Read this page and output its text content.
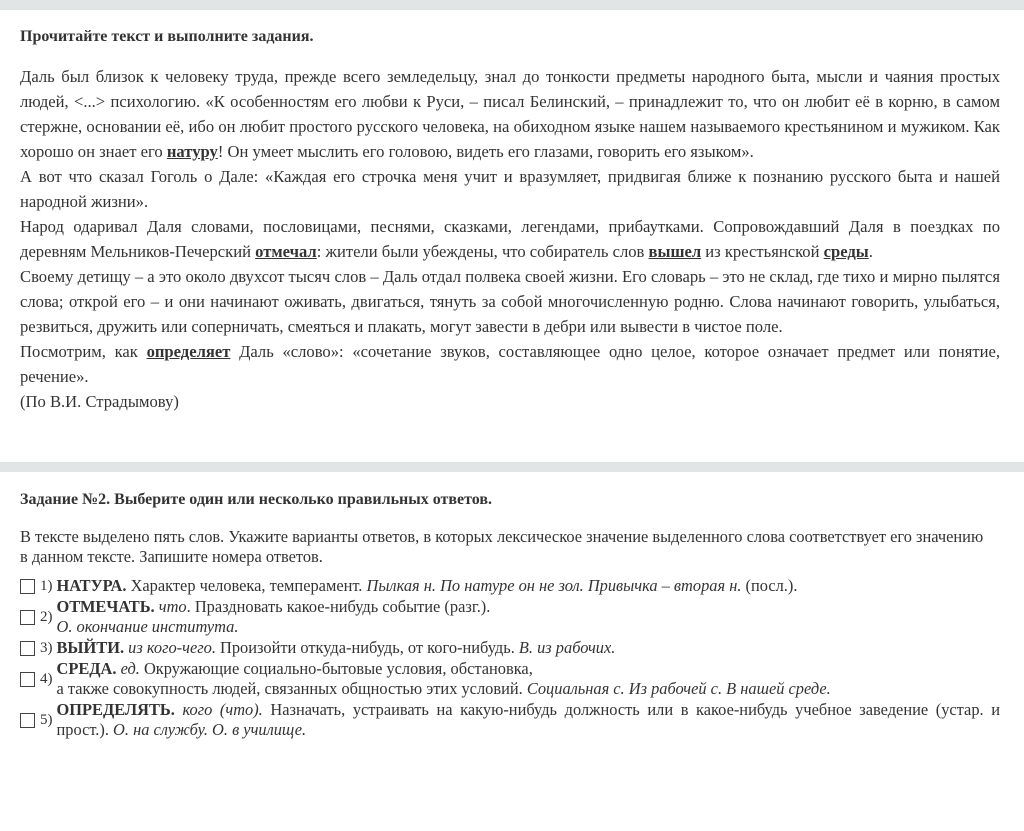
Прочитайте текст и выполните задания.

Даль был близок к человеку труда, прежде всего земледельцу, знал до тонкости предметы народного быта, мысли и чаяния простых людей, <...> психологию. «К особенностям его любви к Руси, – писал Белинский, – принадлежит то, что он любит её в корню, в самом стержне, основании её, ибо он любит простого русского человека, на обиходном языке нашем называемого крестьянином и мужиком. Как хорошо он знает его натуру! Он умеет мыслить его головою, видеть его глазами, говорить его языком».

А вот что сказал Гоголь о Дале: «Каждая его строчка меня учит и вразумляет, придвигая ближе к познанию русского быта и нашей народной жизни».

Народ одаривал Даля словами, пословицами, песнями, сказками, легендами, прибаутками. Сопровождавший Даля в поездках по деревням Мельников-Печерский отмечал: жители были убеждены, что собиратель слов вышел из крестьянской среды.

Своему детищу – а это около двухсот тысяч слов – Даль отдал полвека своей жизни. Его словарь – это не склад, где тихо и мирно пылятся слова; открой его – и они начинают оживать, двигаться, тянуть за собой многочисленную родню. Слова начинают говорить, улыбаться, резвиться, дружить или соперничать, смеяться и плакать, могут завести в дебри или вывести в чистое поле.

Посмотрим, как определяет Даль «слово»: «сочетание звуков, составляющее одно целое, которое означает предмет или понятие, речение».

(По В.И. Страдымову)

Задание №2. Выберите один или несколько правильных ответов.

В тексте выделено пять слов. Укажите варианты ответов, в которых лексическое значение выделенного слова соответствует его значению
в данном тексте. Запишите номера ответов.

1) НАТУРА. Характер человека, темперамент. Пылкая н. По натуре он не зол. Привычка – вторая н. (посл.).
2)
ОТМЕЧАТЬ. что. Праздновать какое-нибудь событие (разг.).
О. окончание института.
3) ВЫЙТИ. из кого-чего. Произойти откуда-нибудь, от кого-нибудь. В. из рабочих.
4)
СРЕДА. ед. Окружающие социально-бытовые условия, обстановка,
а также совокупность людей, связанных общностью этих условий. Социальная с. Из рабочей с. В нашей среде.
5)
ОПРЕДЕЛЯТЬ. кого (что). Назначать, устраивать на какую-нибудь должность или в какое-нибудь учебное заведение (устар. и прост.). О. на службу. О. в училище.
